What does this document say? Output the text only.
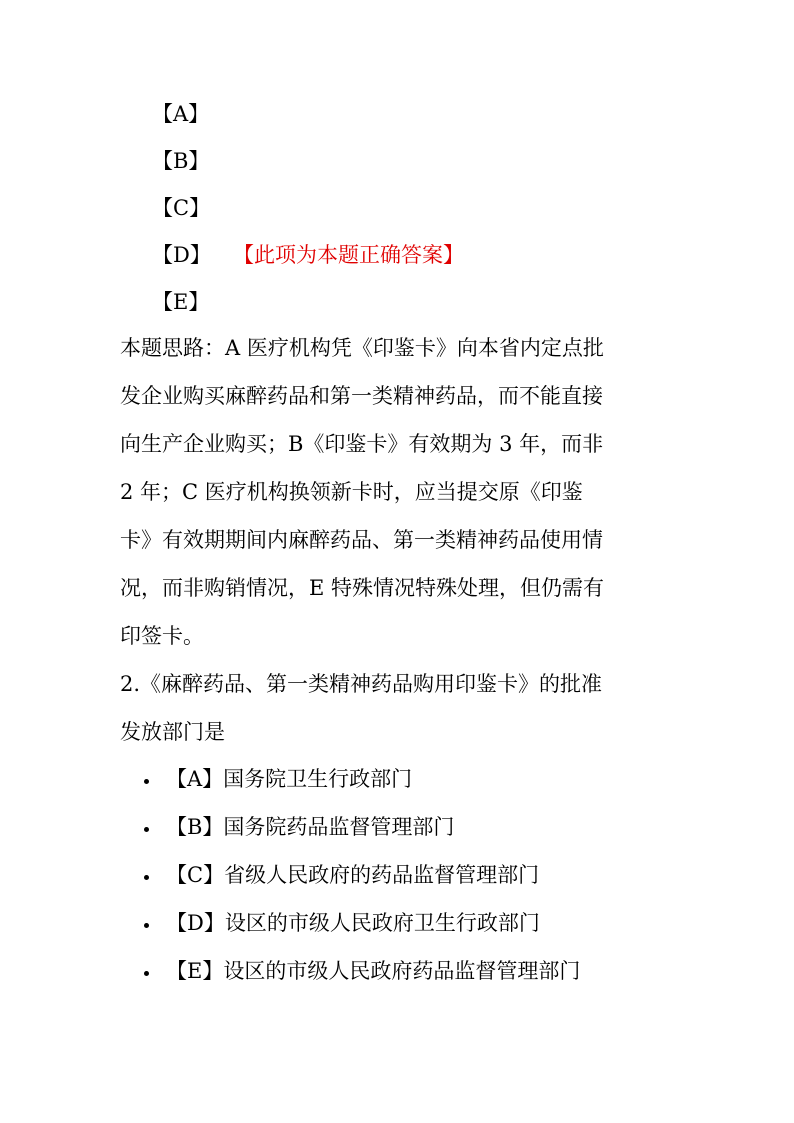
【A】
【B】
【C】
【D】 【此项为本题正确答案】
【E】
本题思路：A 医疗机构凭《印鉴卡》向本省内定点批
发企业购买麻醉药品和第一类精神药品，而不能直接
向生产企业购买；B《印鉴卡》有效期为 3 年，而非
2 年；C 医疗机构换领新卡时，应当提交原《印鉴
卡》有效期期间内麻醉药品、第一类精神药品使用情
况，而非购销情况，E 特殊情况特殊处理，但仍需有
印签卡。
2.《麻醉药品、第一类精神药品购用印鉴卡》的批准
发放部门是
【A】国务院卫生行政部门
【B】国务院药品监督管理部门
【C】省级人民政府的药品监督管理部门
【D】设区的市级人民政府卫生行政部门
【E】设区的市级人民政府药品监督管理部门
